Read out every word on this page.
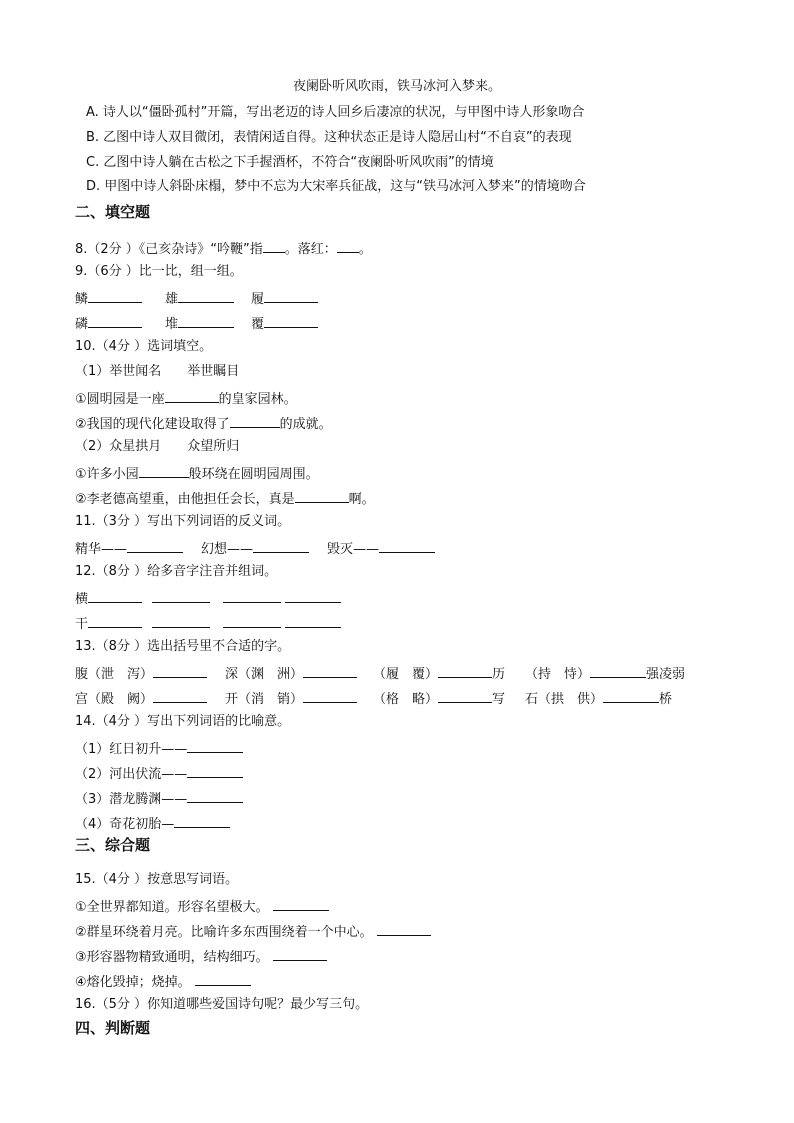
夜阑卧听风吹雨，铁马冰河入梦来。
A. 诗人以“僵卧孤村”开篇，写出老迈的诗人回乡后凄凉的状况，与甲图中诗人形象吻合
B. 乙图中诗人双目微闭，表情闲适自得。这种状态正是诗人隐居山村“不自哀”的表现
C. 乙图中诗人躺在古松之下手握酒杯，不符合“夜阑卧听风吹雨”的情境
D. 甲图中诗人斜卧床榻，梦中不忘为大宋率兵征战，这与“铁马冰河入梦来”的情境吻合
二、填空题
8.（2分 ）《己亥杂诗》“吟鞭”指 。落红： 。
9.（6分 ）比一比，组一组。
鳞	雄	履
磷	堆	覆
10.（4分 ）选词填空。
（1）举世闻名　　举世瞩目
①圆明园是一座	的皇家园林。
②我国的现代化建设取得了	的成就。
（2）众星拱月　　众望所归
①许多小园	般环绕在圆明园周围。
②李老德高望重，由他担任会长，真是	啊。
11.（3分 ）写出下列词语的反义词。
精华——	幻想——	毁灭——
12.（8分 ）给多音字注音并组词。
横
干
13.（8分 ）选出括号里不合适的字。
腹（泄　泻）	深（渊　洲）	（履　覆）	历 （持　恃）	强凌弱
宫（殿　阙）	开（消　销）	（格　略）	写 石（拱　供）	桥
14.（4分 ）写出下列词语的比喻意。
（1）红日初升——
（2）河出伏流——
（3）潜龙腾渊——
（4）奇花初胎—
三、综合题
15.（4分 ）按意思写词语。
①全世界都知道。形容名望极大。
②群星环绕着月亮。比喻许多东西围绕着一个中心。
③形容器物精致通明，结构细巧。
④熔化毁掉；烧掉。
16.（5分 ）你知道哪些爱国诗句呢？最少写三句。
四、判断题
